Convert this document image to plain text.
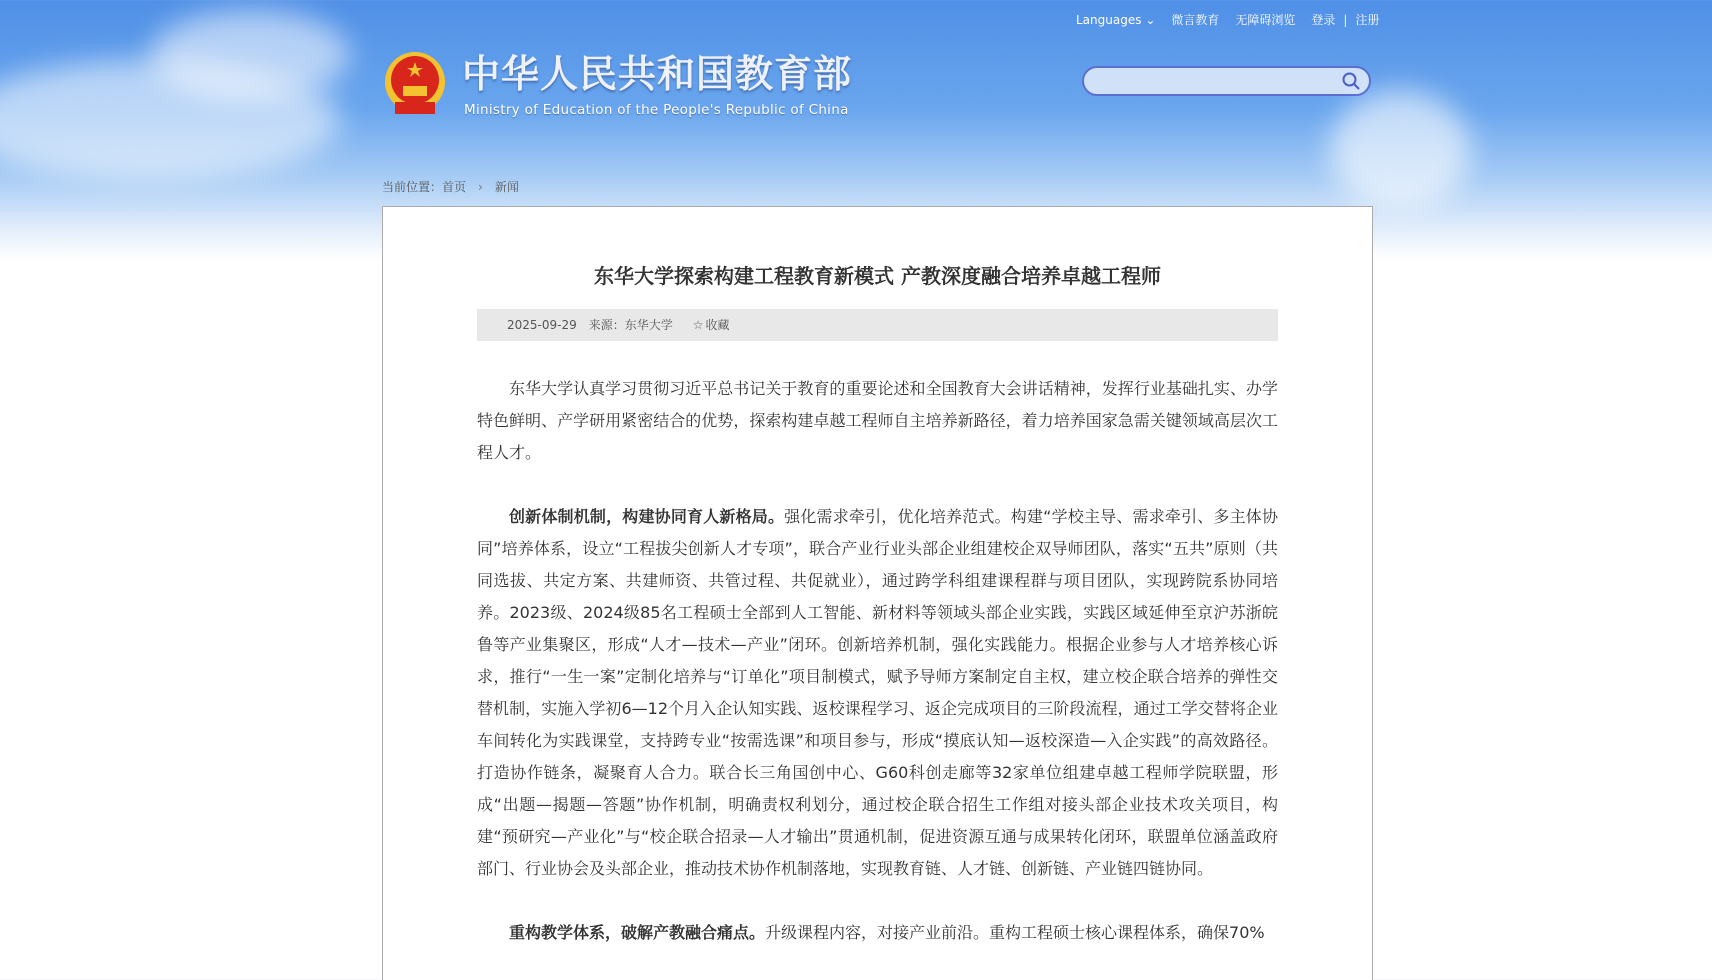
Languages ⌄ 微言教育 无障碍浏览 登录 | 注册
中华人民共和国教育部
Ministry of Education of the People's Republic of China
当前位置： 首页 › 新闻
东华大学探索构建工程教育新模式 产教深度融合培养卓越工程师
2025-09-29 来源：东华大学 ☆ 收藏

东华大学认真学习贯彻习近平总书记关于教育的重要论述和全国教育大会讲话精神，发挥行业基础扎实、办学特色鲜明、产学研用紧密结合的优势，探索构建卓越工程师自主培养新路径，着力培养国家急需关键领域高层次工程人才。

创新体制机制，构建协同育人新格局。强化需求牵引，优化培养范式。构建“学校主导、需求牵引、多主体协同”培养体系，设立“工程拔尖创新人才专项”，联合产业行业头部企业组建校企双导师团队，落实“五共”原则（共同选拔、共定方案、共建师资、共管过程、共促就业），通过跨学科组建课程群与项目团队，实现跨院系协同培养。2023级、2024级85名工程硕士全部到人工智能、新材料等领域头部企业实践，实践区域延伸至京沪苏浙皖鲁等产业集聚区，形成“人才—技术—产业”闭环。创新培养机制，强化实践能力。根据企业参与人才培养核心诉求，推行“一生一案”定制化培养与“订单化”项目制模式，赋予导师方案制定自主权，建立校企联合培养的弹性交替机制，实施入学初6—12个月入企认知实践、返校课程学习、返企完成项目的三阶段流程，通过工学交替将企业车间转化为实践课堂，支持跨专业“按需选课”和项目参与，形成“摸底认知—返校深造—入企实践”的高效路径。打造协作链条，凝聚育人合力。联合长三角国创中心、G60科创走廊等32家单位组建卓越工程师学院联盟，形成“出题—揭题—答题”协作机制，明确责权利划分，通过校企联合招生工作组对接头部企业技术攻关项目，构建“预研究—产业化”与“校企联合招录—人才输出”贯通机制，促进资源互通与成果转化闭环，联盟单位涵盖政府部门、行业协会及头部企业，推动技术协作机制落地，实现教育链、人才链、创新链、产业链四链协同。

重构教学体系，破解产教融合痛点。升级课程内容，对接产业前沿。重构工程硕士核心课程体系，确保70%
